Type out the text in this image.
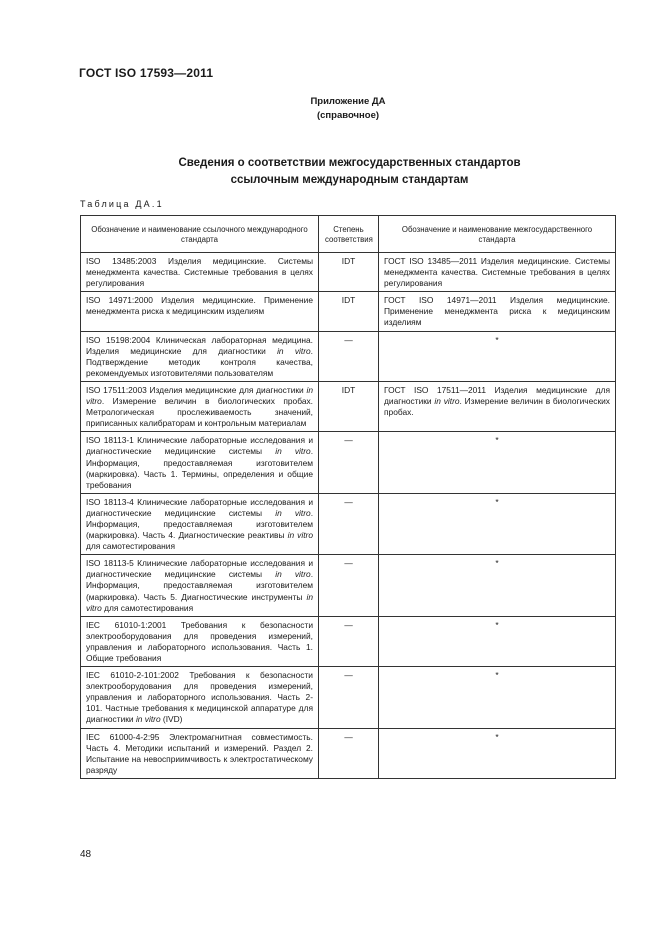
ГОСТ ISO 17593—2011
Приложение ДА
(справочное)
Сведения о соответствии межгосударственных стандартов
ссылочным международным стандартам
Таблица ДА.1
Обозначение и наименование ссылочного международного стандарта	Степень соответствия	Обозначение и наименование межгосударственного стандарта
ISO 13485:2003 Изделия медицинские. Системы менеджмента качества. Системные требования в целях регулирования	IDT	ГОСТ ISO 13485—2011 Изделия медицинские. Системы менеджмента качества. Системные требования в целях регулирования
ISO 14971:2000 Изделия медицинские. Применение менеджмента риска к медицинским изделиям	IDT	ГОСТ ISO 14971—2011 Изделия медицинские. Применение менеджмента риска к медицинским изделиям
ISO 15198:2004 Клиническая лабораторная медицина. Изделия медицинские для диагностики in vitro. Подтверждение методик контроля качества, рекомендуемых изготовителями пользователям	—	*
ISO 17511:2003 Изделия медицинские для диагностики in vitro. Измерение величин в биологических пробах. Метрологическая прослеживаемость значений, приписанных калибраторам и контрольным материалам	IDT	ГОСТ ISO 17511—2011 Изделия медицинские для диагностики in vitro. Измерение величин в биологических пробах.
ISO 18113-1 Клинические лабораторные исследования и диагностические медицинские системы in vitro. Информация, предоставляемая изготовителем (маркировка). Часть 1. Термины, определения и общие требования	—	*
ISO 18113-4 Клинические лабораторные исследования и диагностические медицинские системы in vitro. Информация, предоставляемая изготовителем (маркировка). Часть 4. Диагностические реактивы in vitro для самотестирования	—	*
ISO 18113-5 Клинические лабораторные исследования и диагностические медицинские системы in vitro. Информация, предоставляемая изготовителем (маркировка). Часть 5. Диагностические инструменты in vitro для самотестирования	—	*
IEC 61010-1:2001 Требования к безопасности электрооборудования для проведения измерений, управления и лабораторного использования. Часть 1. Общие требования	—	*
IEC 61010-2-101:2002 Требования к безопасности электрооборудования для проведения измерений, управления и лабораторного использования. Часть 2-101. Частные требования к медицинской аппаратуре для диагностики in vitro (IVD)	—	*
IEC 61000-4-2:95 Электромагнитная совместимость. Часть 4. Методики испытаний и измерений. Раздел 2. Испытание на невосприимчивость к электростатическому разряду	—	*
48
